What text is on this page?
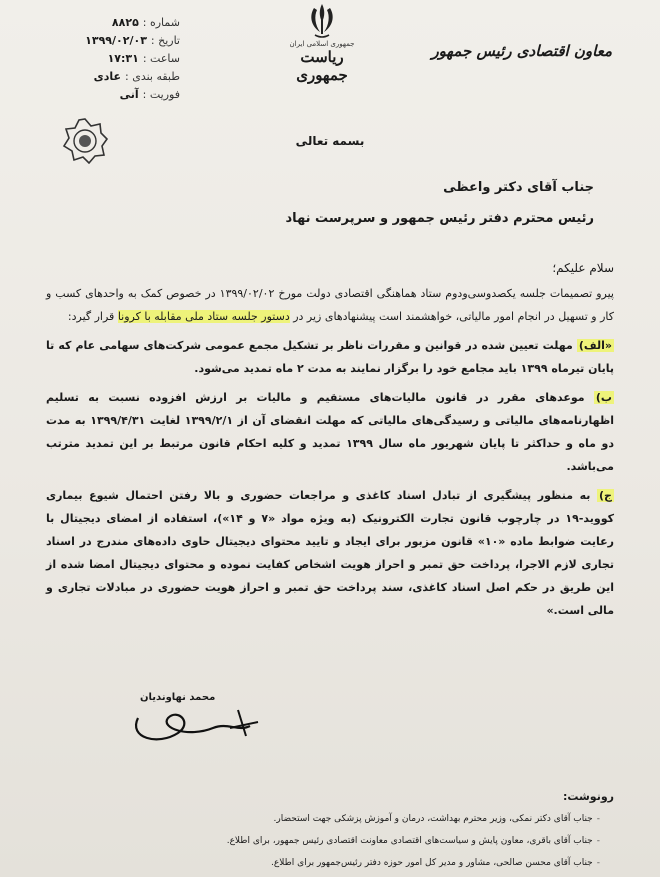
شماره :
۸۸۲۵
تاریخ :
۱۳۹۹/۰۲/۰۳
ساعت :
۱۷:۳۱
طبقه بندی :
عادی
فوریت :
آنی
جمهوری اسلامی ایران
ریاست جمهوری
معاون اقتصادی رئیس جمهور
بسمه تعالی
جناب آقای دکتر واعظی
رئیس محترم دفتر رئیس جمهور و سرپرست نهاد
سلام علیکم؛

پیرو تصمیمات جلسه یکصدوسی‌ودوم ستاد هماهنگی اقتصادی دولت مورخ ۱۳۹۹/۰۲/۰۲ در خصوص کمک به واحدهای کسب و کار و تسهیل در انجام امور مالیاتی، خواهشمند است پیشنهادهای زیر در دستور جلسه ستاد ملی مقابله با کرونا قرار گیرد:

«الف) مهلت تعیین شده در قوانین و مقررات ناظر بر تشکیل مجمع عمومی شرکت‌های سهامی عام که تا پایان تیرماه ۱۳۹۹ باید مجامع خود را برگزار نمایند به مدت ۲ ماه تمدید می‌شود.

ب) موعدهای مقرر در قانون مالیات‌های مستقیم و مالیات بر ارزش افزوده نسبت به تسلیم اظهارنامه‌های مالیاتی و رسیدگی‌های مالیاتی که مهلت انقضای آن از ۱۳۹۹/۲/۱ لغایت ۱۳۹۹/۴/۳۱ به مدت دو ماه و حداکثر تا پایان شهریور ماه سال ۱۳۹۹ تمدید و کلیه احکام قانون مرتبط بر این تمدید مترتب می‌باشد.

ج) به منظور پیشگیری از تبادل اسناد کاغذی و مراجعات حضوری و بالا رفتن احتمال شیوع بیماری کووید-۱۹ در چارچوب قانون تجارت الکترونیک (به ویژه مواد «۷ و ۱۴»)، استفاده از امضای دیجیتال با رعایت ضوابط ماده «۱۰» قانون مزبور برای ایجاد و تایید محتوای دیجیتال حاوی داده‌های مندرج در اسناد تجاری لازم الاجرا، پرداخت حق تمبر و احراز هویت اشخاص کفایت نموده و محتوای دیجیتال امضا شده از این طریق در حکم اصل اسناد کاغذی، سند پرداخت حق تمبر و احراز هویت حضوری در مبادلات تجاری و مالی است.»

محمد نهاوندیان
رونوشت:
-جناب آقای دکتر نمکی، وزیر محترم بهداشت، درمان و آموزش پزشکی جهت استحضار.
-جناب آقای باقری، معاون پایش و سیاست‌های اقتصادی معاونت اقتصادی رئیس جمهور، برای اطلاع.
-جناب آقای محسن صالحی، مشاور و مدیر کل امور حوزه دفتر رئیس‌جمهور برای اطلاع.
